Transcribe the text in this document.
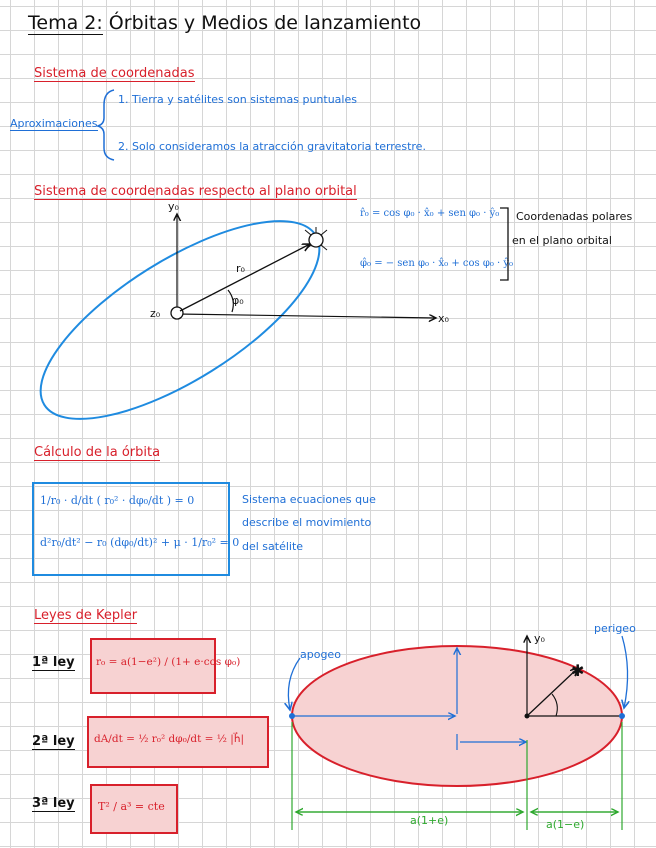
Tema 2: Órbitas y Medios de lanzamiento
Sistema de coordenadas
Aproximaciones
1. Tierra y satélites son sistemas puntuales
2. Solo consideramos la atracción gravitatoria terrestre.
Sistema de coordenadas respecto al plano orbital
r̂₀ = cos φ₀ · x̂₀ + sen φ₀ · ŷ₀
φ̂₀ = − sen φ₀ · x̂₀ + cos φ₀ · ŷ₀
Coordenadas polares
en el plano orbital
y₀
x₀
z₀
r₀
φ₀
Cálculo de la órbita
1/r₀ · d/dt ( r₀² · dφ₀/dt ) = 0
d²r₀/dt² − r₀ (dφ₀/dt)² + μ · 1/r₀² = 0
Sistema ecuaciones que
describe el movimiento
del satélite
Leyes de Kepler
1ª ley
2ª ley
3ª ley
r₀ = a(1−e²) / (1+ e·cos φ₀)
dA/dt = ½ r₀² dφ₀/dt = ½ |h⃗|
T² / a³ = cte
apogeo
perigeo
y₀
a(1+e)	a(1−e)
✱
